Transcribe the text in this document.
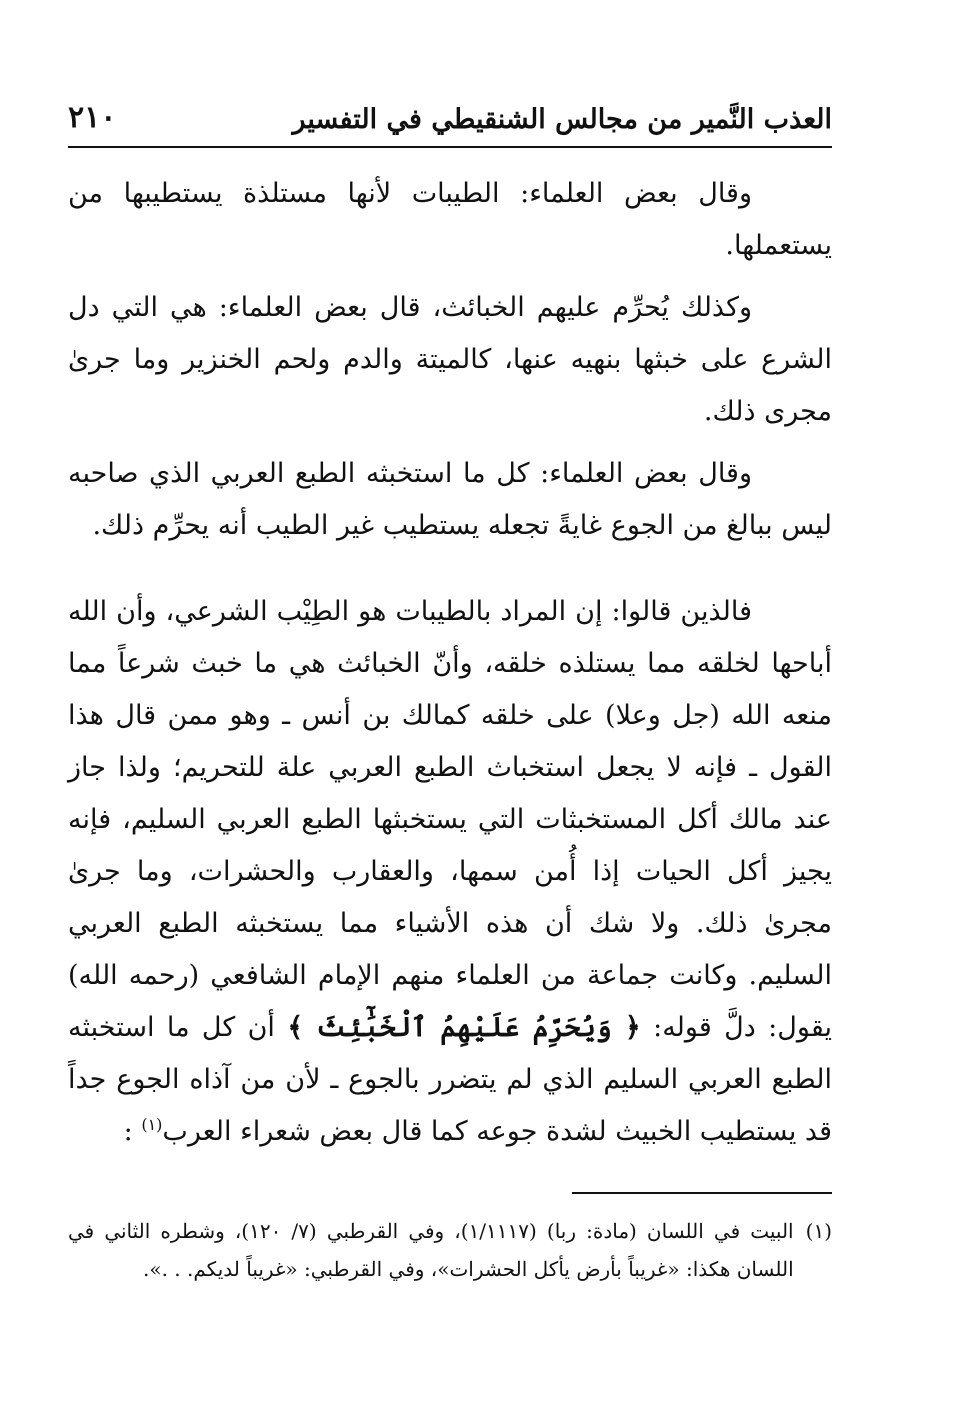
العذب النَّمير من مجالس الشنقيطي في التفسير
٢١٠

وقال بعض العلماء: الطيبات لأنها مستلذة يستطيبها من يستعملها.

وكذلك يُحرِّم عليهم الخبائث، قال بعض العلماء: هي التي دل الشرع على خبثها بنهيه عنها، كالميتة والدم ولحم الخنزير وما جرىٰ مجرى ذلك.

وقال بعض العلماء: كل ما استخبثه الطبع العربي الذي صاحبه ليس ببالغ من الجوع غايةً تجعله يستطيب غير الطيب أنه يحرِّم ذلك.

فالذين قالوا: إن المراد بالطيبات هو الطِيْب الشرعي، وأن الله أباحها لخلقه مما يستلذه خلقه، وأنّ الخبائث هي ما خبث شرعاً مما منعه الله (جل وعلا) على خلقه كمالك بن أنس ـ وهو ممن قال هذا القول ـ فإنه لا يجعل استخباث الطبع العربي علة للتحريم؛ ولذا جاز عند مالك أكل المستخبثات التي يستخبثها الطبع العربي السليم، فإنه يجيز أكل الحيات إذا أُمن سمها، والعقارب والحشرات، وما جرىٰ مجرىٰ ذلك. ولا شك أن هذه الأشياء مما يستخبثه الطبع العربي السليم. وكانت جماعة من العلماء منهم الإمام الشافعي (رحمه الله) يقول: دلَّ قوله: ﴿ وَيُحَرِّمُ عَلَيْهِمُ ٱلْخَبَٰٓئِثَ ﴾ أن كل ما استخبثه الطبع العربي السليم الذي لم يتضرر بالجوع ـ لأن من آذاه الجوع جداً قد يستطيب الخبيث لشدة جوعه كما قال بعض شعراء العرب$^{(١)}$ :

(١)
البيت في اللسان (مادة: ربا) (١/١١١٧)، وفي القرطبي (٧/ ١٢٠)، وشطره الثاني في اللسان هكذا: «غريباً بأرض يأكل الحشرات»، وفي القرطبي: «غريباً لديكم. . .».
